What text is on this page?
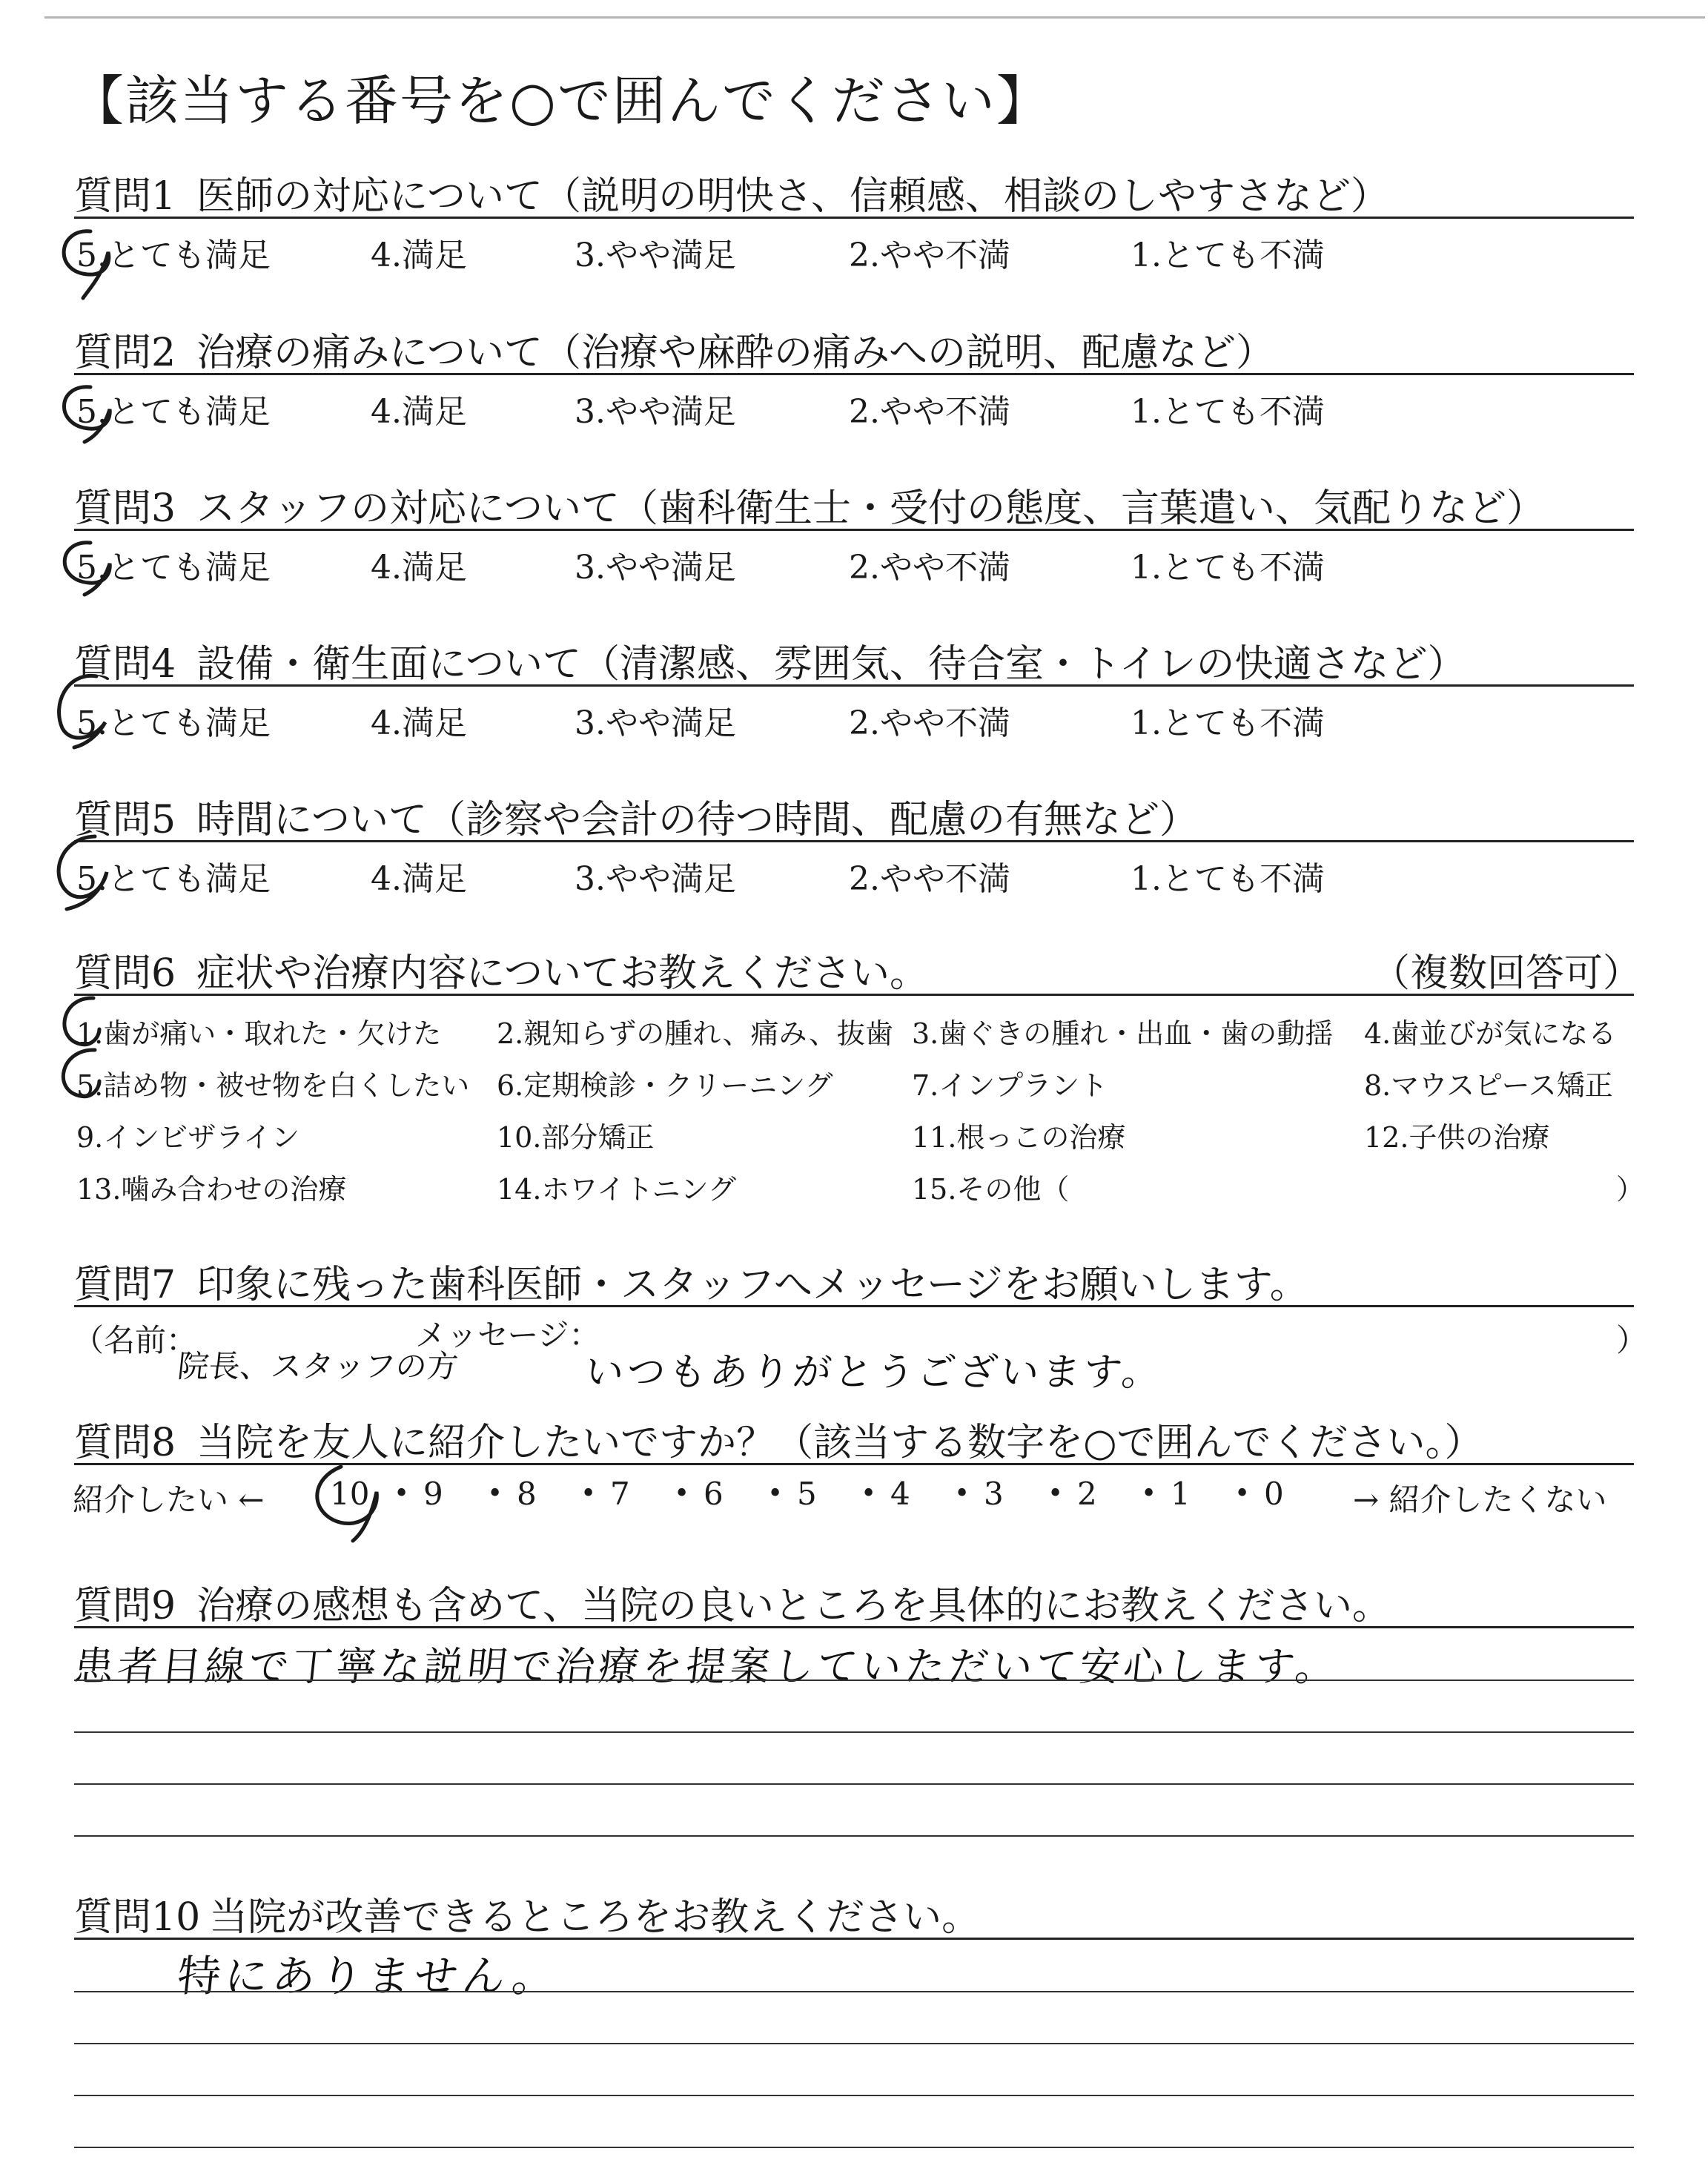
【該当する番号を○で囲んでください】
質問1 医師の対応について（説明の明快さ、信頼感、相談のしやすさなど）
5.とても満足	4.満足	3.やや満足	2.やや不満	1.とても不満
質問2 治療の痛みについて（治療や麻酔の痛みへの説明、配慮など）
5.とても満足	4.満足	3.やや満足	2.やや不満	1.とても不満
質問3 スタッフの対応について（歯科衛生士・受付の態度、言葉遣い、気配りなど）
5.とても満足	4.満足	3.やや満足	2.やや不満	1.とても不満
質問4 設備・衛生面について（清潔感、雰囲気、待合室・トイレの快適さなど）
5.とても満足	4.満足	3.やや満足	2.やや不満	1.とても不満
質問5 時間について（診察や会計の待つ時間、配慮の有無など）
5.とても満足	4.満足	3.やや満足	2.やや不満	1.とても不満
質問6 症状や治療内容についてお教えください。	（複数回答可）
1.歯が痛い・取れた・欠けた 2.親知らずの腫れ、痛み、抜歯 3.歯ぐきの腫れ・出血・歯の動揺 4.歯並びが気になる
5.詰め物・被せ物を白くしたい 6.定期検診・クリーニング	7.インプラント	8.マウスピース矯正
9.インビザライン	10.部分矯正	11.根っこの治療	12.子供の治療
13.噛み合わせの治療	14.ホワイトニング	15.その他（	）
質問7 印象に残った歯科医師・スタッフへメッセージをお願いします。
（名前：	メッセージ：	）
院長、スタッフの方	いつもありがとうございます。
質問8 当院を友人に紹介したいですか？（該当する数字を○で囲んでください。）
紹介したい ←	→ 紹介したくない
10 • 9 • 8 • 7 • 6 • 5 • 4 • 3 • 2 • 1 • 0
質問9 治療の感想も含めて、当院の良いところを具体的にお教えください。
患者目線で丁寧な説明で治療を提案していただいて安心します。
質問10 当院が改善できるところをお教えください。
特にありません。
